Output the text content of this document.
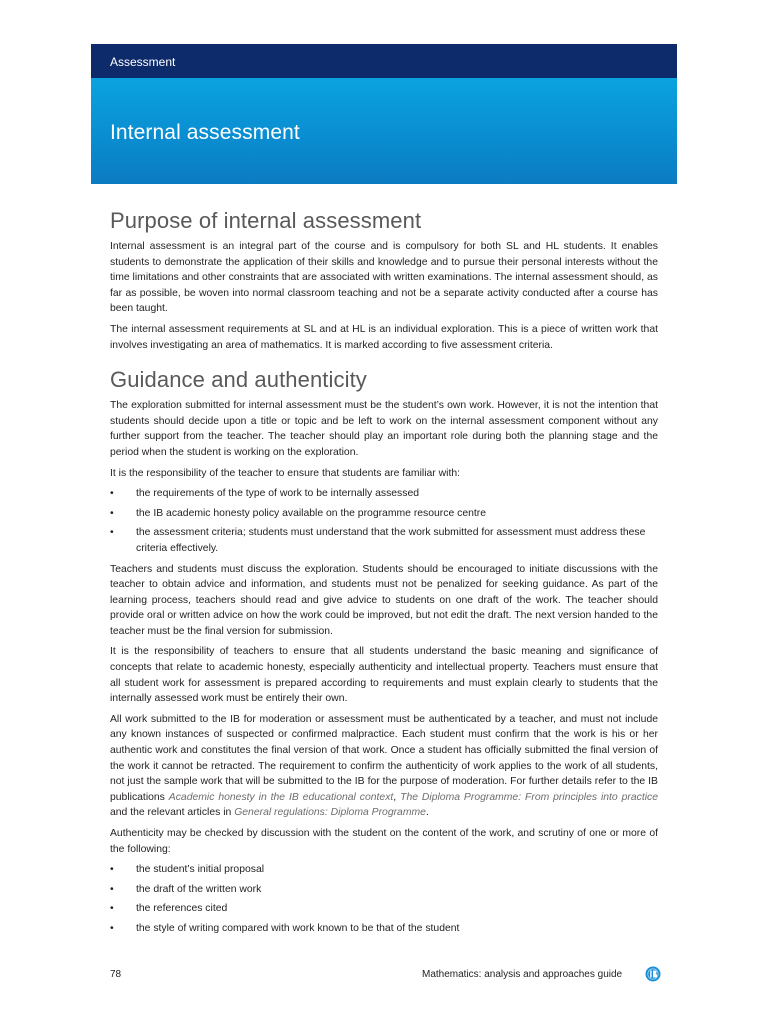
Assessment
Internal assessment
Purpose of internal assessment

Internal assessment is an integral part of the course and is compulsory for both SL and HL students. It enables students to demonstrate the application of their skills and knowledge and to pursue their personal interests without the time limitations and other constraints that are associated with written examinations. The internal assessment should, as far as possible, be woven into normal classroom teaching and not be a separate activity conducted after a course has been taught.

The internal assessment requirements at SL and at HL is an individual exploration. This is a piece of written work that involves investigating an area of mathematics. It is marked according to five assessment criteria.

Guidance and authenticity

The exploration submitted for internal assessment must be the student’s own work. However, it is not the intention that students should decide upon a title or topic and be left to work on the internal assessment component without any further support from the teacher. The teacher should play an important role during both the planning stage and the period when the student is working on the exploration.

It is the responsibility of the teacher to ensure that students are familiar with:

• the requirements of the type of work to be internally assessed
• the IB academic honesty policy available on the programme resource centre
• the assessment criteria; students must understand that the work submitted for assessment must address these criteria effectively.

Teachers and students must discuss the exploration. Students should be encouraged to initiate discussions with the teacher to obtain advice and information, and students must not be penalized for seeking guidance. As part of the learning process, teachers should read and give advice to students on one draft of the work. The teacher should provide oral or written advice on how the work could be improved, but not edit the draft. The next version handed to the teacher must be the final version for submission.

It is the responsibility of teachers to ensure that all students understand the basic meaning and significance of concepts that relate to academic honesty, especially authenticity and intellectual property. Teachers must ensure that all student work for assessment is prepared according to requirements and must explain clearly to students that the internally assessed work must be entirely their own.

All work submitted to the IB for moderation or assessment must be authenticated by a teacher, and must not include any known instances of suspected or confirmed malpractice. Each student must confirm that the work is his or her authentic work and constitutes the final version of that work. Once a student has officially submitted the final version of the work it cannot be retracted. The requirement to confirm the authenticity of work applies to the work of all students, not just the sample work that will be submitted to the IB for the purpose of moderation. For further details refer to the IB publications Academic honesty in the IB educational context, The Diploma Programme: From principles into practice and the relevant articles in General regulations: Diploma Programme.

Authenticity may be checked by discussion with the student on the content of the work, and scrutiny of one or more of the following:

• the student’s initial proposal
• the draft of the written work
• the references cited
• the style of writing compared with work known to be that of the student
78	Mathematics: analysis and approaches guide
